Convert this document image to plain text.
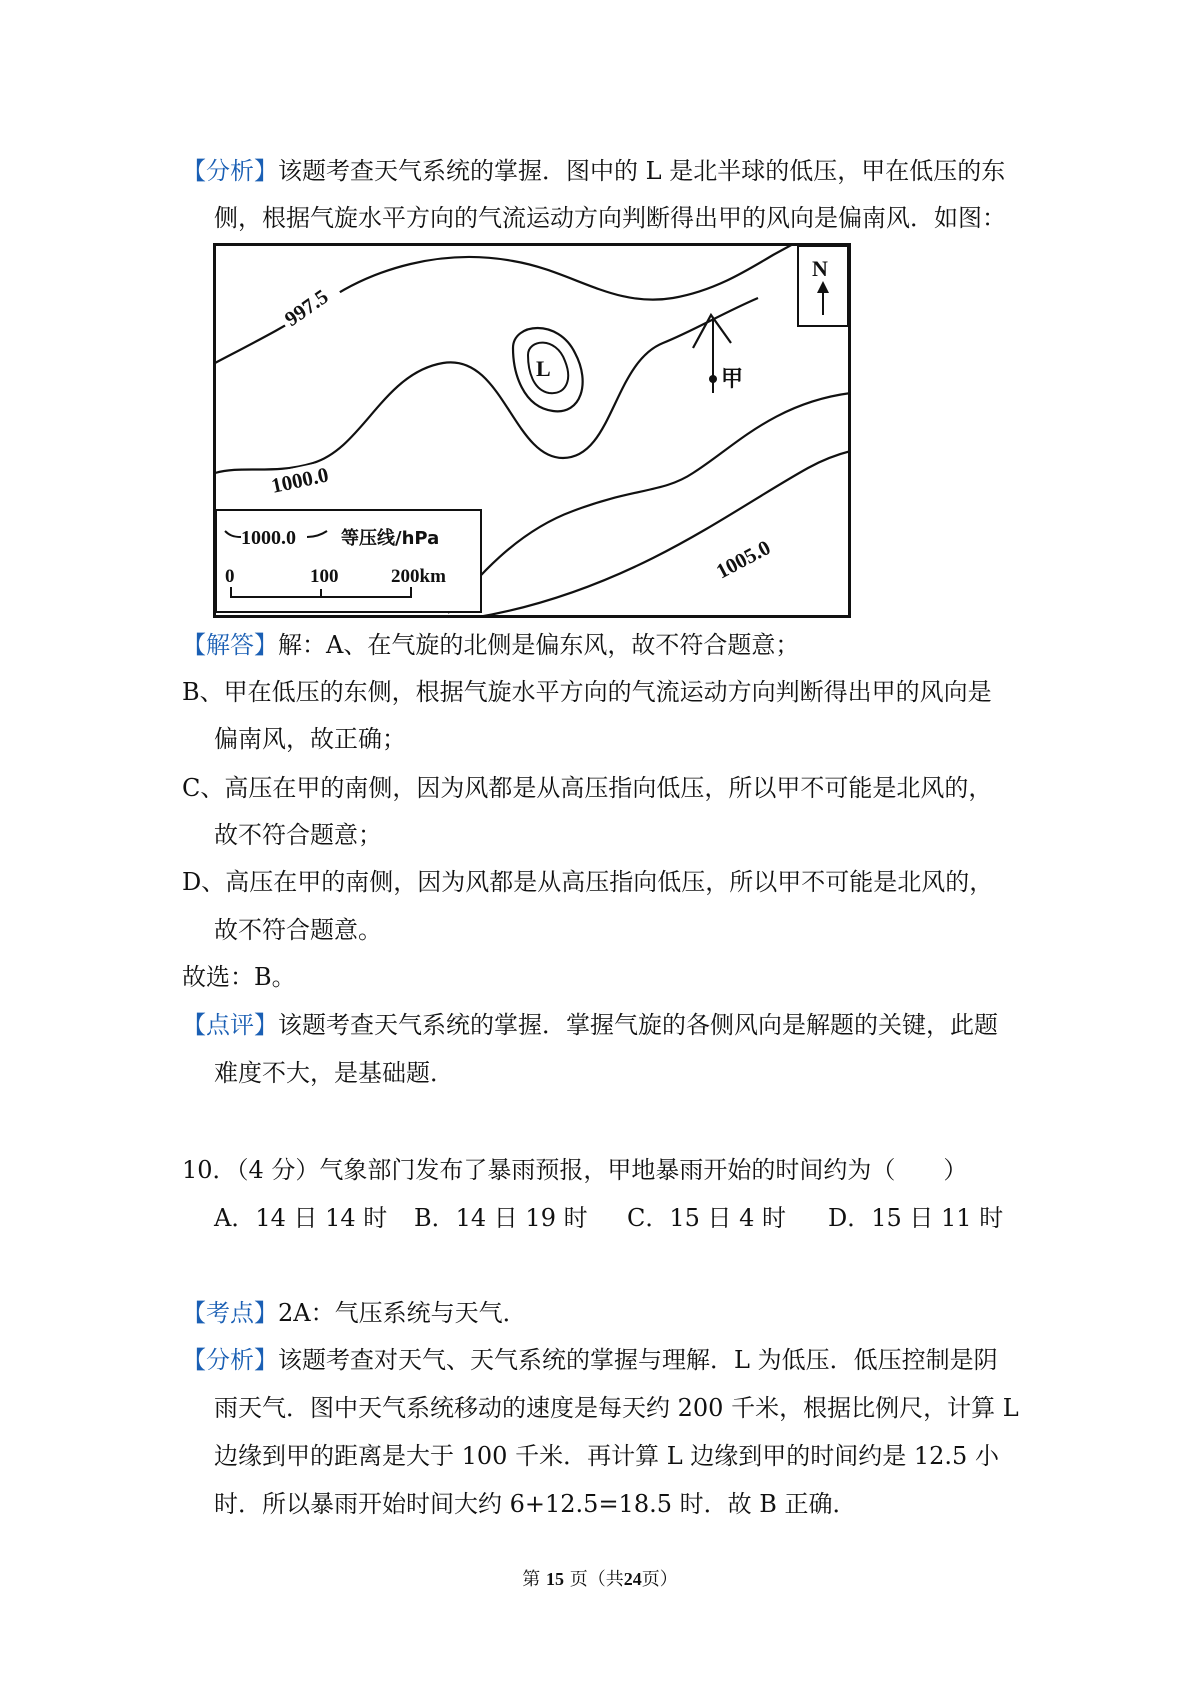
【分析】该题考查天气系统的掌握．图中的 L 是北半球的低压，甲在低压的东
侧，根据气旋水平方向的气流运动方向判断得出甲的风向是偏南风．如图：
L
997.5
1000.0
1005.0
甲
N
1000.0	等压线/hPa
0	100	200km
【解答】解：A、在气旋的北侧是偏东风，故不符合题意；
B、甲在低压的东侧，根据气旋水平方向的气流运动方向判断得出甲的风向是
偏南风，故正确；
C、高压在甲的南侧，因为风都是从高压指向低压，所以甲不可能是北风的，
故不符合题意；
D、高压在甲的南侧，因为风都是从高压指向低压，所以甲不可能是北风的，
故不符合题意。
故选：B。
【点评】该题考查天气系统的掌握．掌握气旋的各侧风向是解题的关键，此题
难度不大，是基础题．
10．（4 分）气象部门发布了暴雨预报，甲地暴雨开始的时间约为（　　）
A．14 日 14 时 B．14 日 19 时 C．15 日 4 时 D．15 日 11 时
【考点】2A：气压系统与天气．
【分析】该题考查对天气、天气系统的掌握与理解．L 为低压．低压控制是阴
雨天气．图中天气系统移动的速度是每天约 200 千米，根据比例尺，计算 L
边缘到甲的距离是大于 100 千米．再计算 L 边缘到甲的时间约是 12.5 小
时．所以暴雨开始时间大约 6+12.5=18.5 时．故 B 正确．
第 15 页（共24页）
